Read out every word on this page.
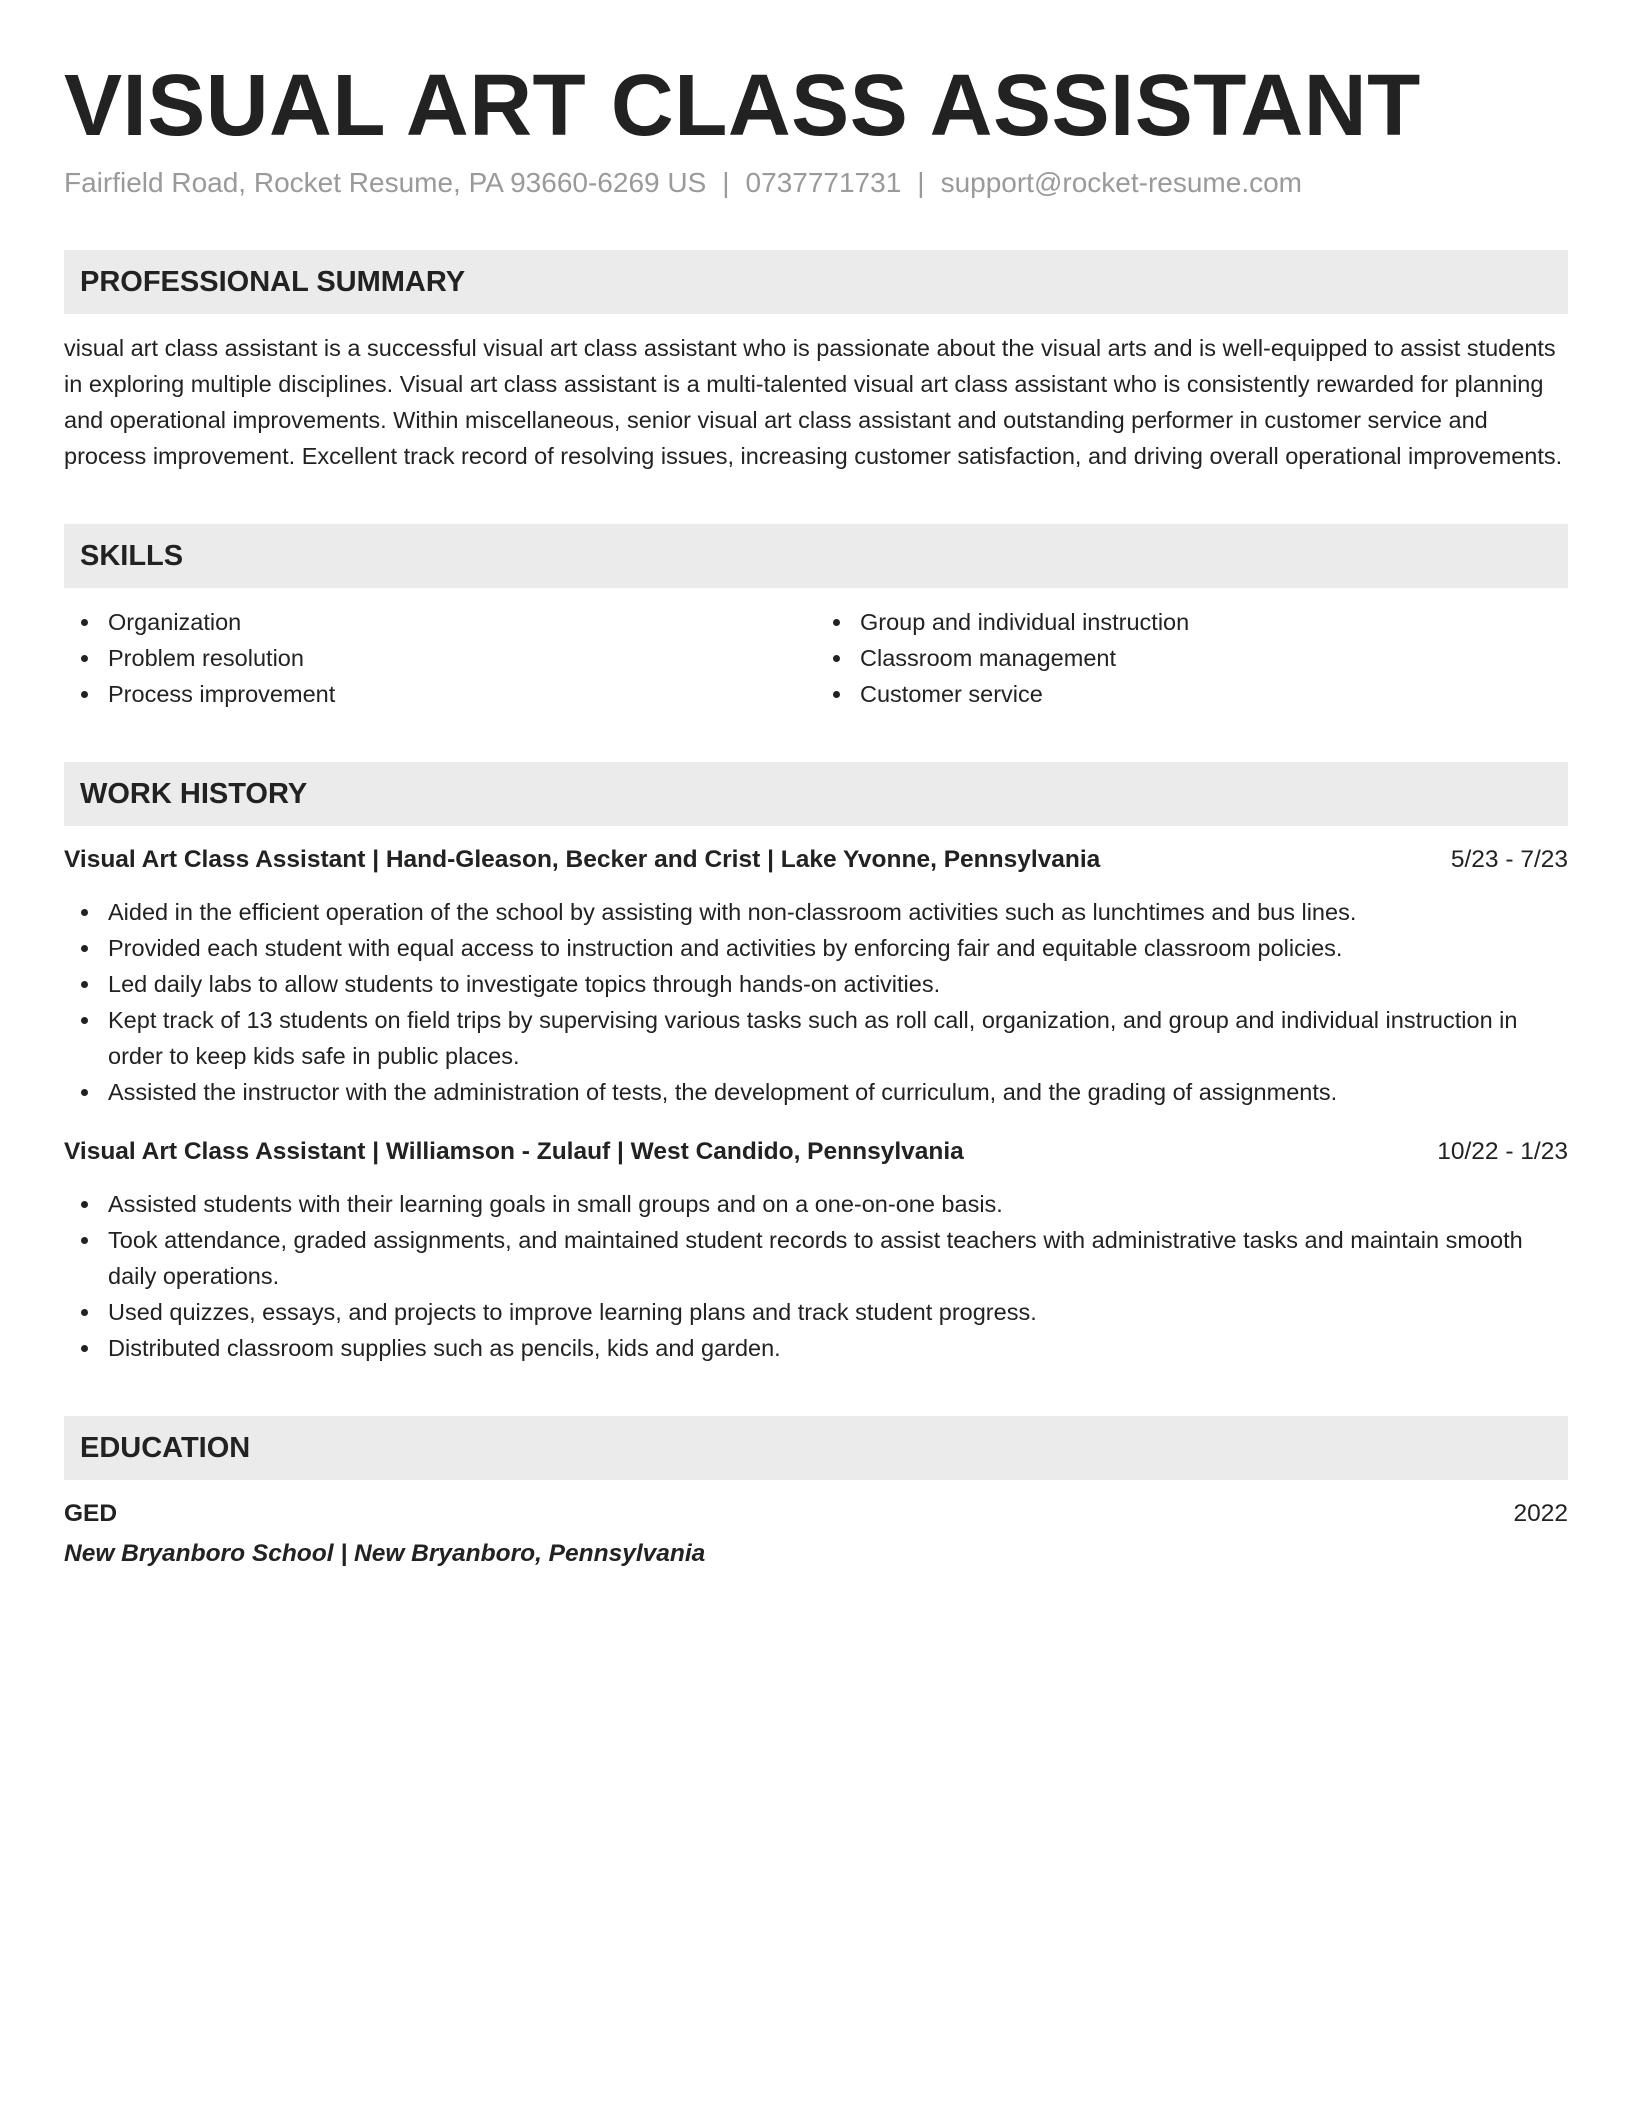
VISUAL ART CLASS ASSISTANT
Fairfield Road, Rocket Resume, PA 93660-6269 US | 0737771731 | support@rocket-resume.com
PROFESSIONAL SUMMARY

visual art class assistant is a successful visual art class assistant who is passionate about the visual arts and is well-equipped to assist students in exploring multiple disciplines. Visual art class assistant is a multi-talented visual art class assistant who is consistently rewarded for planning and operational improvements. Within miscellaneous, senior visual art class assistant and outstanding performer in customer service and process improvement. Excellent track record of resolving issues, increasing customer satisfaction, and driving overall operational improvements.

SKILLS
Organization
Problem resolution
Process improvement
Group and individual instruction
Classroom management
Customer service
WORK HISTORY
Visual Art Class Assistant | Hand-Gleason, Becker and Crist | Lake Yvonne, Pennsylvania	5/23 - 7/23
Aided in the efficient operation of the school by assisting with non-classroom activities such as lunchtimes and bus lines.
Provided each student with equal access to instruction and activities by enforcing fair and equitable classroom policies.
Led daily labs to allow students to investigate topics through hands-on activities.
Kept track of 13 students on field trips by supervising various tasks such as roll call, organization, and group and individual instruction in order to keep kids safe in public places.
Assisted the instructor with the administration of tests, the development of curriculum, and the grading of assignments.
Visual Art Class Assistant | Williamson - Zulauf | West Candido, Pennsylvania	10/22 - 1/23
Assisted students with their learning goals in small groups and on a one-on-one basis.
Took attendance, graded assignments, and maintained student records to assist teachers with administrative tasks and maintain smooth daily operations.
Used quizzes, essays, and projects to improve learning plans and track student progress.
Distributed classroom supplies such as pencils, kids and garden.
EDUCATION
GED	2022
New Bryanboro School | New Bryanboro, Pennsylvania
